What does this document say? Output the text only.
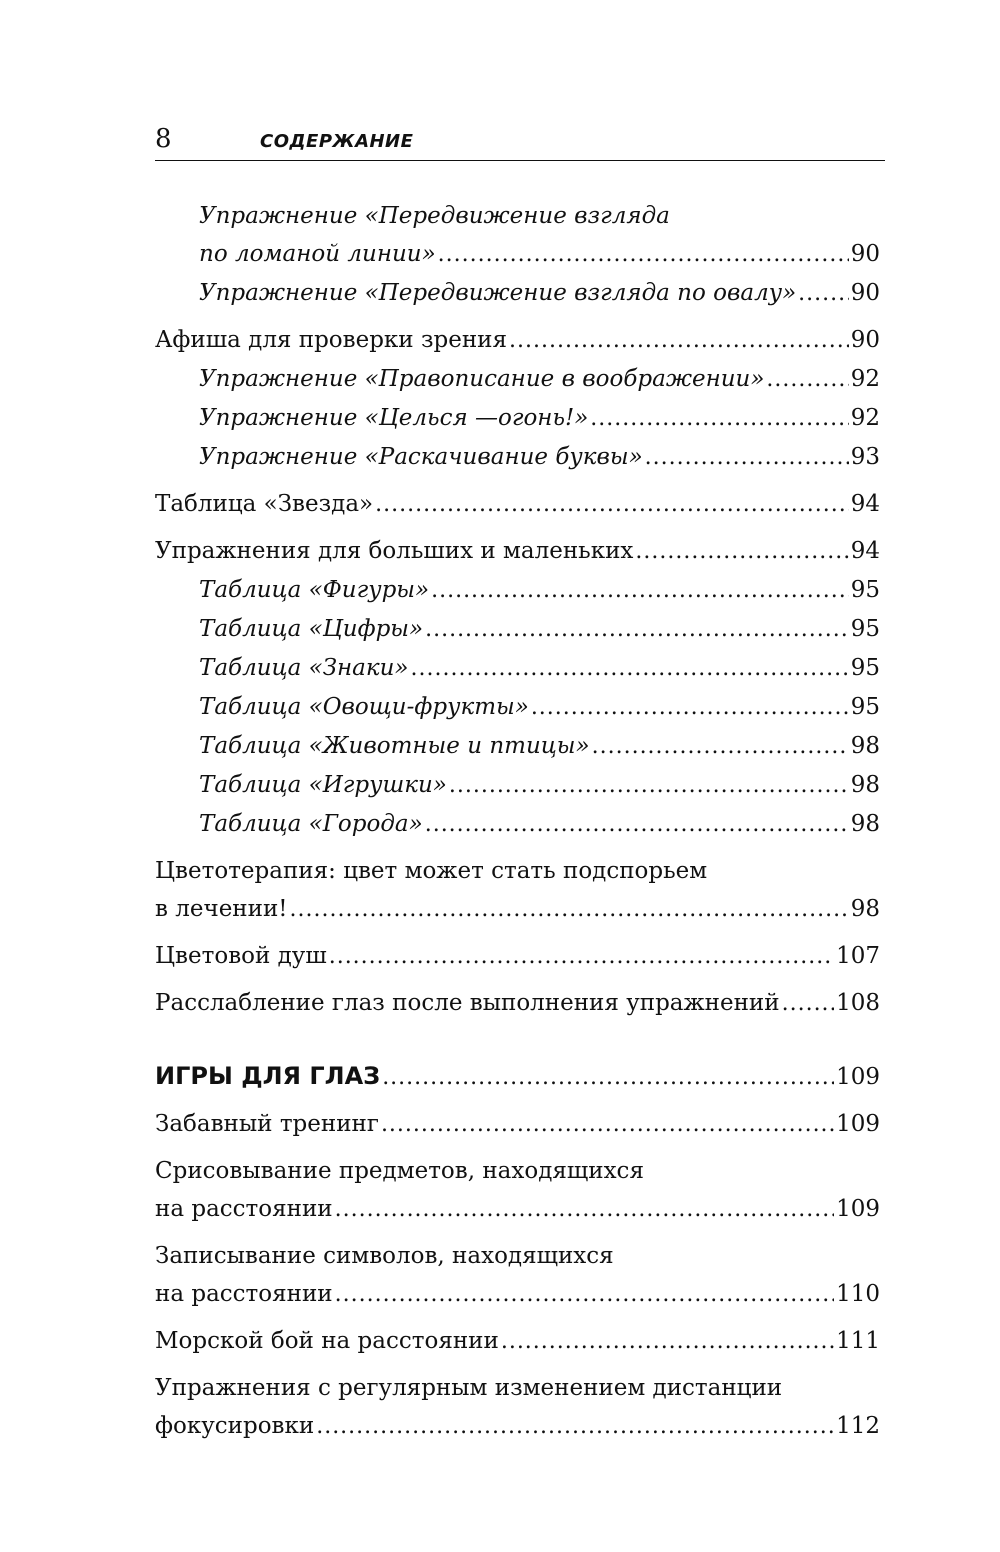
8	СОДЕРЖАНИЕ
Упражнение «Передвижение взгляда
по ломаной линии» .....	90
Упражнение «Передвижение взгляда по овалу» ..... 90
Афиша для проверки зрения .....	90
Упражнение «Правописание в воображении» .....	92
Упражнение «Целься —огонь!» .....	92
Упражнение «Раскачивание буквы» .....	93
Таблица «Звезда» .....	94
Упражнения для больших и маленьких .....	94
Таблица «Фигуры» .....	95
Таблица «Цифры» .....	95
Таблица «Знаки» .....	95
Таблица «Овощи-фрукты» .....	95
Таблица «Животные и птицы» .....	98
Таблица «Игрушки» .....	98
Таблица «Города» .....	98
Цветотерапия: цвет может стать подспорьем
в лечении! .....	98
Цветовой душ .....	107
Расслабление глаз после выполнения упражнений ..... 108
ИГРЫ ДЛЯ ГЛАЗ .....	109
Забавный тренинг .....	109
Срисовывание предметов, находящихся
на расстоянии .....	109
Записывание символов, находящихся
на расстоянии .....	110
Морской бой на расстоянии .....	111
Упражнения с регулярным изменением дистанции
фокусировки .....	112
